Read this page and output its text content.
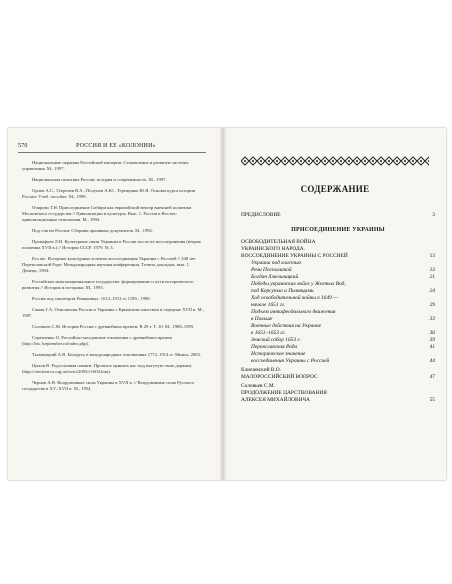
570	РОССИЯ И ЕЕ «КОЛОНИИ»

Национальные окраины Российской империи. Становление и развитие системы управления. М., 1997.

Национальная политика России: история и современность. М., 1997.

Орлов А.С., Георгиев В.А., Полунов А.Ю., Терещенко Ю.Я. Основы курса истории России: Учеб. пособие. М., 1999.

Очирова Т.Н. Присоединение Сибири как евразийский вектор внешней политики Московского государства // Цивилизации и культуры. Вып. 1. Россия и Восток: цивилизационные отношения. М., 1994.

Под стягом России: Сборник архивных документов. М., 1992.

Прокофьев Л.Н. Культурные связи Украины и России после их воссоединения (вторая половина XVII в.) // История СССР. 1979. № 3.

Его же. Историко-культурные аспекты воссоединения Украины с Россией // 340 лет Переяславской Раде: Международная научная конференция. Тезисы докладов, вып. 1. Донецк, 1994.

Российское многонациональное государство: формирование и пути исторического развития // История и историки. М., 1995.

Россия под скипетром Романовых. 1613–1913 гг. СПб., 1990.

Санин Г.А. Отношения России и Украины с Крымским ханством в середине XVII в. М., 1987.

Соловьев С.М. История России с древнейших времен: В 29 т. Т. 10. М., 1988–1995.

Стратиенко О. Российско-молдавские отношения с древнейших времен (http://his.1september.ru/index.php).

Тыловицкий А.В. Беларусь в международных отношениях 1772–1914 гг. Минск, 2003.

Цыхов В. Родословная памяти. Прошлое принять нас под могучую свою державу (http://otechestvo.org.ua/vesti/2005/v1604.htm).

Чернов А.В. Вооруженные силы Украины в XVII в. // Вооруженные силы Русского государства в XV–XVII в. М., 1954.

СОДЕРЖАНИЕ
ПРЕДИСЛОВИЕ	3
ПРИСОЕДИНЕНИЕ УКРАИНЫ
ОСВОБОДИТЕЛЬНАЯ ВОЙНА
УКРАИНСКОГО НАРОДА.
ВОССОЕДИНЕНИЕ УКРАИНЫ С РОССИЕЙ	13
Украина под властью
Речи Посполитой	13
Богдан Хмельницкий	21
Победы украинских войск у Желтых Вод,
под Корсунью и Пилявцами	24
Ход освободительной войны в 1649 —
начале 1651 гг.	29
Подъем антифеодального движения
в Польше	33
Военные действия на Украине
в 1651–1653 гг.	36
Земский собор 1653 г.	39
Переяславская Рада	41
Историческое значение
воссоединения Украины с Россией	44
Ключевский В.О.
МАЛОРОССИЙСКИЙ ВОПРОС	47
Соловьев С.М.
ПРОДОЛЖЕНИЕ ЦАРСТВОВАНИЯ
АЛЕКСЕЯ МИХАЙЛОВИЧА	55
